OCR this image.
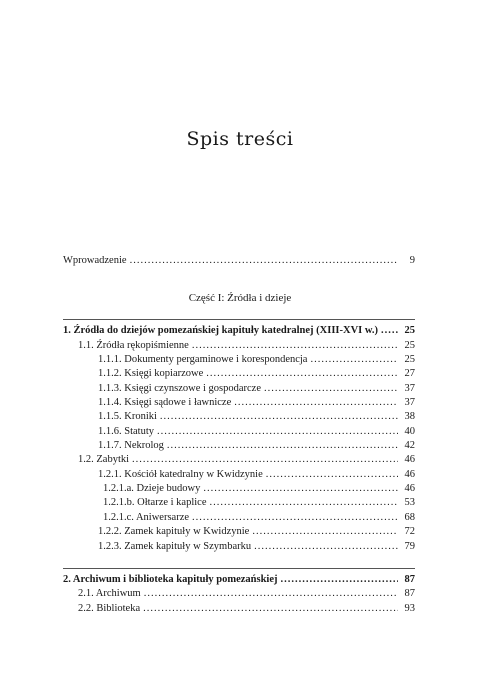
Spis treści
Wprowadzenie .....	9
Część I: Źródła i dzieje
1. Źródła do dziejów pomezańskiej kapituły katedralnej (XIII-XVI w.) .....	25
1.1. Źródła rękopiśmienne .....	25
1.1.1. Dokumenty pergaminowe i korespondencja .....	25
1.1.2. Księgi kopiarzowe .....	27
1.1.3. Księgi czynszowe i gospodarcze .....	37
1.1.4. Księgi sądowe i ławnicze .....	37
1.1.5. Kroniki .....	38
1.1.6. Statuty .....	40
1.1.7. Nekrolog .....	42
1.2. Zabytki .....	46
1.2.1. Kościół katedralny w Kwidzynie .....	46
1.2.1.a. Dzieje budowy .....	46
1.2.1.b. Ołtarze i kaplice .....	53
1.2.1.c. Aniwersarze .....	68
1.2.2. Zamek kapituły w Kwidzynie .....	72
1.2.3. Zamek kapituły w Szymbarku .....	79
2. Archiwum i biblioteka kapituły pomezańskiej .....	87
2.1. Archiwum .....	87
2.2. Biblioteka .....	93
